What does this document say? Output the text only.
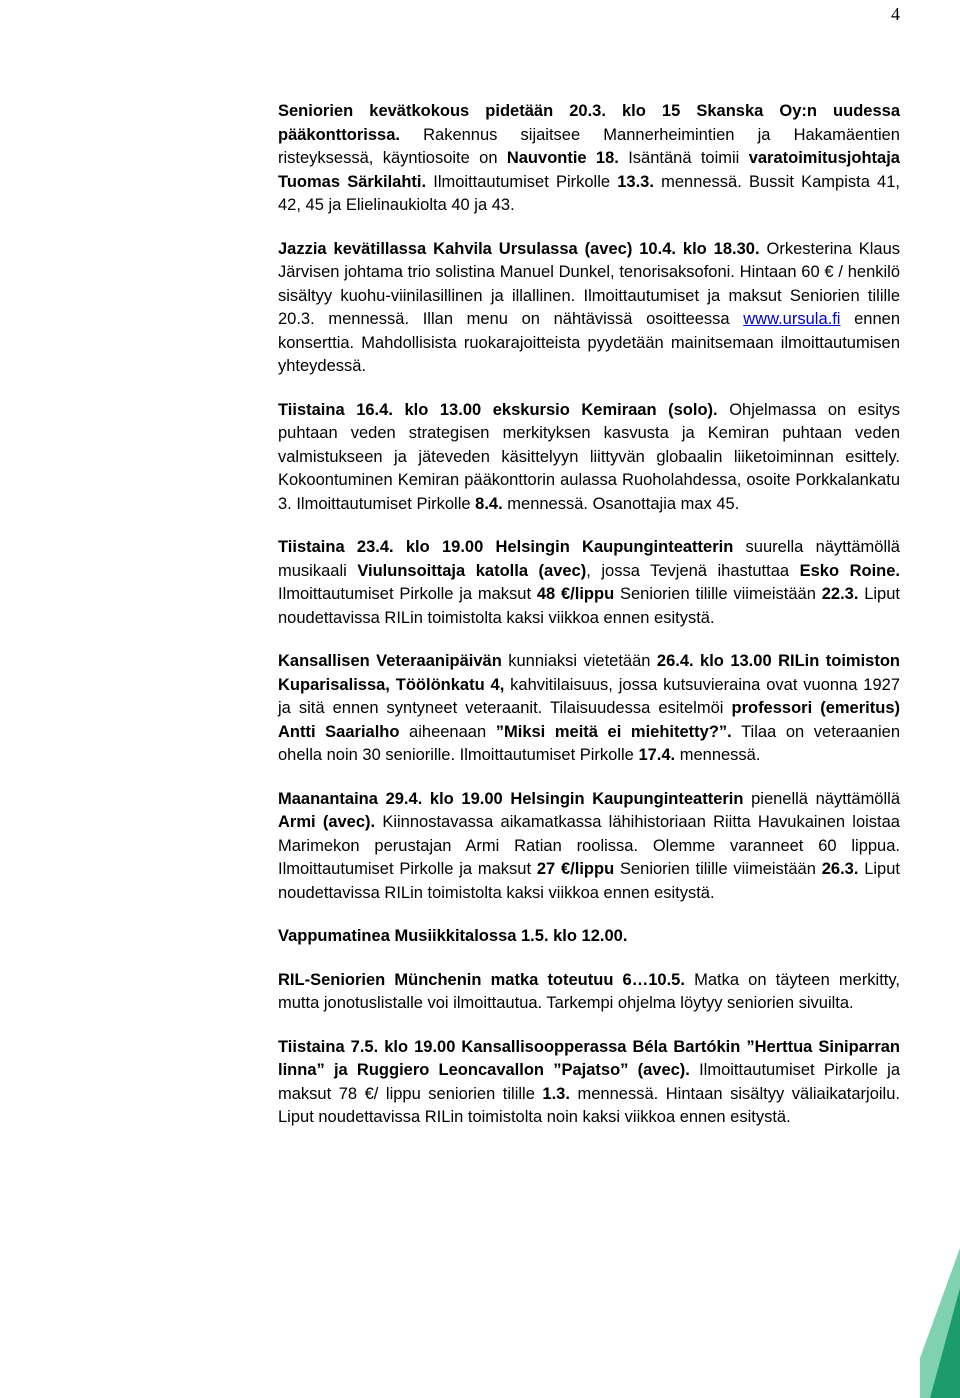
4

Seniorien kevätkokous pidetään 20.3. klo 15 Skanska Oy:n uudessa pääkonttorissa. Rakennus sijaitsee Mannerheimintien ja Hakamäentien risteyksessä, käyntiosoite on Nauvontie 18. Isäntänä toimii varatoimitusjohtaja Tuomas Särkilahti. Ilmoittautumiset Pirkolle 13.3. mennessä. Bussit Kampista 41, 42, 45 ja Elielinaukiolta 40 ja 43.

Jazzia kevätillassa Kahvila Ursulassa (avec) 10.4. klo 18.30. Orkesterina Klaus Järvisen johtama trio solistina Manuel Dunkel, tenorisaksofoni. Hintaan 60 € / henkilö sisältyy kuohu-viinilasillinen ja illallinen. Ilmoittautumiset ja maksut Seniorien tilille 20.3. mennessä. Illan menu on nähtävissä osoitteessa www.ursula.fi ennen konserttia. Mahdollisista ruokarajoitteista pyydetään mainitsemaan ilmoittautumisen yhteydessä.

Tiistaina 16.4. klo 13.00 ekskursio Kemiraan (solo). Ohjelmassa on esitys puhtaan veden strategisen merkityksen kasvusta ja Kemiran puhtaan veden valmistukseen ja jäteveden käsittelyyn liittyvän globaalin liiketoiminnan esittely. Kokoontuminen Kemiran pääkonttorin aulassa Ruoholahdessa, osoite Porkkalankatu 3. Ilmoittautumiset Pirkolle 8.4. mennessä. Osanottajia max 45.

Tiistaina 23.4. klo 19.00 Helsingin Kaupunginteatterin suurella näyttämöllä musikaali Viulunsoittaja katolla (avec), jossa Tevjenä ihastuttaa Esko Roine. Ilmoittautumiset Pirkolle ja maksut 48 €/lippu Seniorien tilille viimeistään 22.3. Liput noudettavissa RILin toimistolta kaksi viikkoa ennen esitystä.

Kansallisen Veteraanipäivän kunniaksi vietetään 26.4. klo 13.00 RILin toimiston Kuparisalissa, Töölönkatu 4, kahvitilaisuus, jossa kutsuvieraina ovat vuonna 1927 ja sitä ennen syntyneet veteraanit. Tilaisuudessa esitelmöi professori (emeritus) Antti Saarialho aiheenaan ”Miksi meitä ei miehitetty?”. Tilaa on veteraanien ohella noin 30 seniorille. Ilmoittautumiset Pirkolle 17.4. mennessä.

Maanantaina 29.4. klo 19.00 Helsingin Kaupunginteatterin pienellä näyttämöllä Armi (avec). Kiinnostavassa aikamatkassa lähihistoriaan Riitta Havukainen loistaa Marimekon perustajan Armi Ratian roolissa. Olemme varanneet 60 lippua. Ilmoittautumiset Pirkolle ja maksut 27 €/lippu Seniorien tilille viimeistään 26.3. Liput noudettavissa RILin toimistolta kaksi viikkoa ennen esitystä.

Vappumatinea Musiikkitalossa 1.5. klo 12.00.

RIL-Seniorien Münchenin matka toteutuu 6…10.5. Matka on täyteen merkitty, mutta jonotuslistalle voi ilmoittautua. Tarkempi ohjelma löytyy seniorien sivuilta.

Tiistaina 7.5. klo 19.00 Kansallisoopperassa Béla Bartókin ”Herttua Siniparran linna” ja Ruggiero Leoncavallon ”Pajatso” (avec). Ilmoittautumiset Pirkolle ja maksut 78 €/ lippu seniorien tilille 1.3. mennessä. Hintaan sisältyy väliaikatarjoilu. Liput noudettavissa RILin toimistolta noin kaksi viikkoa ennen esitystä.
